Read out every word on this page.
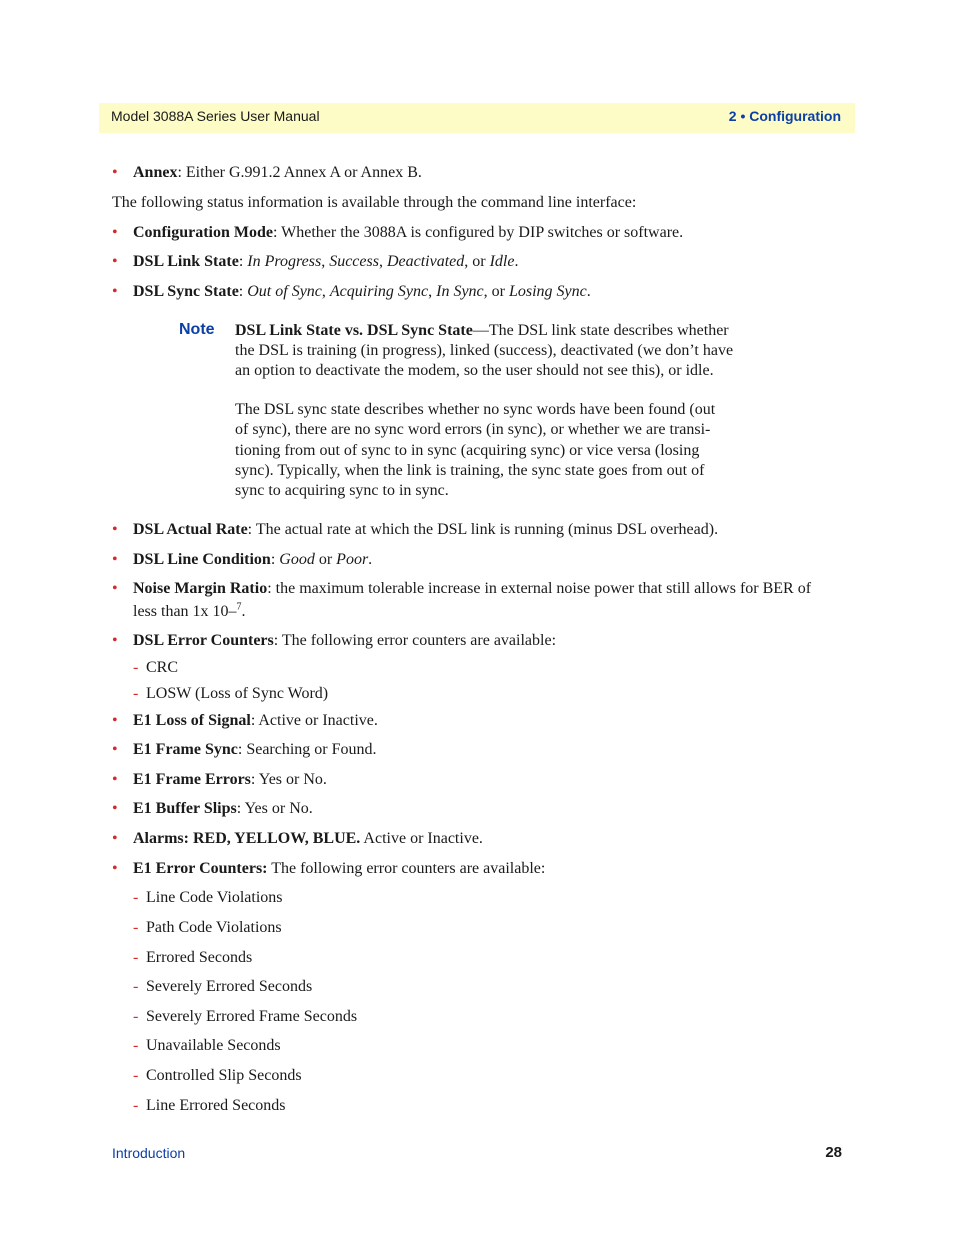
Model 3088A Series User Manual	2 • Configuration
• Annex: Either G.991.2 Annex A or Annex B.
The following status information is available through the command line interface:
• Configuration Mode: Whether the 3088A is configured by DIP switches or software.
• DSL Link State: In Progress, Success, Deactivated, or Idle.
• DSL Sync State: Out of Sync, Acquiring Sync, In Sync, or Losing Sync.
Note DSL Link State vs. DSL Sync State—The DSL link state describes whether
the DSL is training (in progress), linked (success), deactivated (we don’t have
an option to deactivate the modem, so the user should not see this), or idle.
The DSL sync state describes whether no sync words have been found (out
of sync), there are no sync word errors (in sync), or whether we are transi-
tioning from out of sync to in sync (acquiring sync) or vice versa (losing
sync). Typically, when the link is training, the sync state goes from out of
sync to acquiring sync to in sync.
• DSL Actual Rate: The actual rate at which the DSL link is running (minus DSL overhead).
• DSL Line Condition: Good or Poor.
• Noise Margin Ratio: the maximum tolerable increase in external noise power that still allows for BER of
less than 1x 10–$^7$.
• DSL Error Counters: The following error counters are available:
- CRC
- LOSW (Loss of Sync Word)
• E1 Loss of Signal: Active or Inactive.
• E1 Frame Sync: Searching or Found.
• E1 Frame Errors: Yes or No.
• E1 Buffer Slips: Yes or No.
• Alarms: RED, YELLOW, BLUE. Active or Inactive.
• E1 Error Counters: The following error counters are available:
- Line Code Violations
- Path Code Violations
- Errored Seconds
- Severely Errored Seconds
- Severely Errored Frame Seconds
- Unavailable Seconds
- Controlled Slip Seconds
- Line Errored Seconds
Introduction	28
